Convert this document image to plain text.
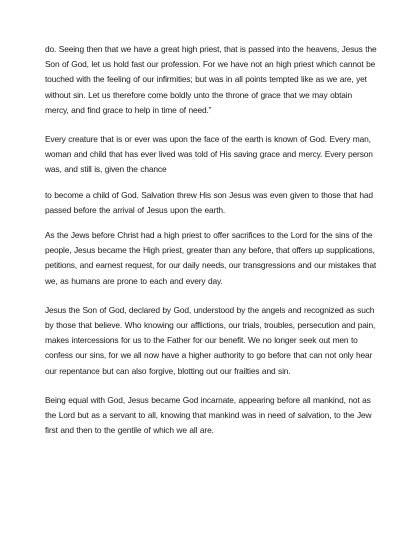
do. Seeing then that we have a great high priest, that is passed into the heavens, Jesus the Son of God, let us hold fast our profession. For we have not an high priest which cannot be touched with the feeling of our infirmities; but was in all points tempted like as we are, yet without sin. Let us therefore come boldly unto the throne of grace that we may obtain mercy, and find grace to help in time of need.”

Every creature that is or ever was upon the face of the earth is known of God. Every man, woman and child that has ever lived was told of His saving grace and mercy. Every person was, and still is, given the chance

to become a child of God. Salvation threw His son Jesus was even given to those that had passed before the arrival of Jesus upon the earth.

As the Jews before Christ had a high priest to offer sacrifices to the Lord for the sins of the people, Jesus became the High priest, greater than any before, that offers up supplications, petitions, and earnest request, for our daily needs, our transgressions and our mistakes that we, as humans are prone to each and every day.

Jesus the Son of God, declared by God, understood by the angels and recognized as such by those that believe. Who knowing our afflictions, our trials, troubles, persecution and pain, makes intercessions for us to the Father for our benefit. We no longer seek out men to confess our sins, for we all now have a higher authority to go before that can not only hear our repentance but can also forgive, blotting out our frailties and sin.

Being equal with God, Jesus became God incarnate, appearing before all mankind, not as the Lord but as a servant to all, knowing that mankind was in need of salvation, to the Jew first and then to the gentile of which we all are.
